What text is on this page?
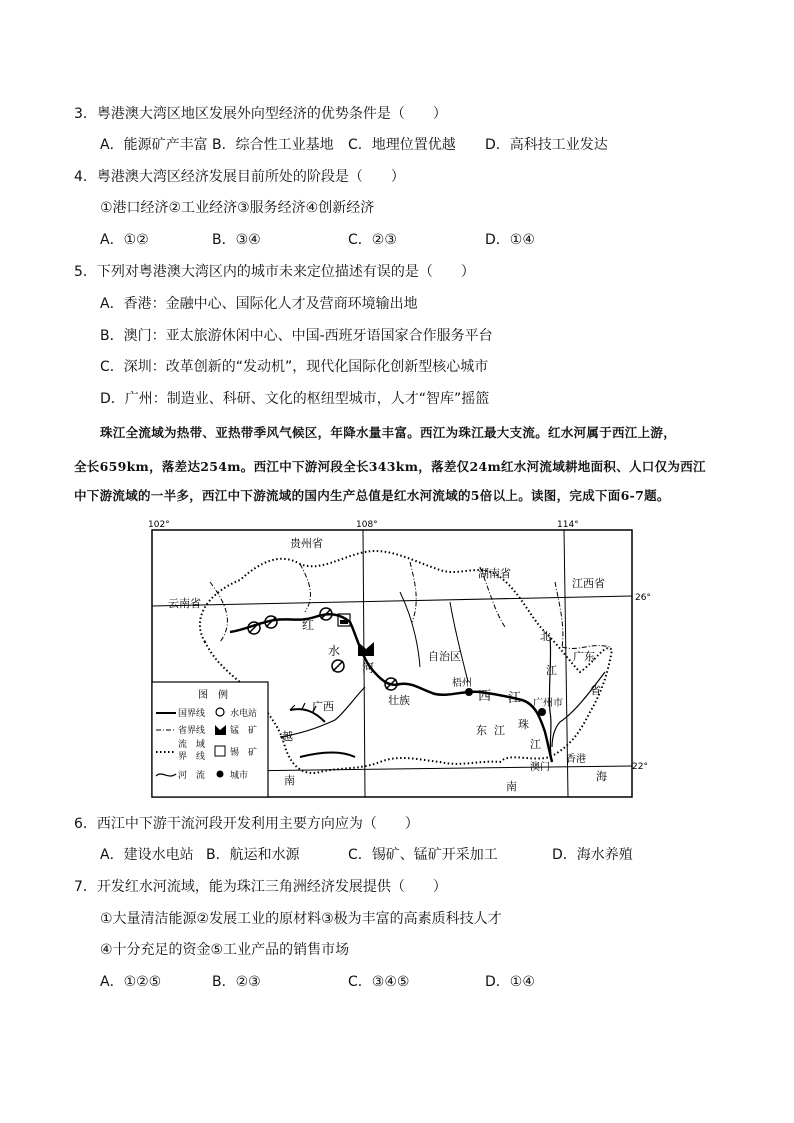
3．粤港澳大湾区地区发展外向型经济的优势条件是（　　）
A．能源矿产丰富 B．综合性工业基地 C．地理位置优越 D．高科技工业发达
4．粤港澳大湾区经济发展目前所处的阶段是（　　）
①港口经济②工业经济③服务经济④创新经济
A．①②	B．③④	C．②③	D．①④
5．下列对粤港澳大湾区内的城市未来定位描述有误的是（　　）
A．香港：金融中心、国际化人才及营商环境输出地
B．澳门：亚太旅游休闲中心、中国-西班牙语国家合作服务平台
C．深圳：改革创新的“发动机”，现代化国际化创新型核心城市
D．广州：制造业、科研、文化的枢纽型城市，人才“智库”摇篮
珠江全流域为热带、亚热带季风气候区，年降水量丰富。西江为珠江最大支流。红水河属于西江上游，
全长659km，落差达254m。西江中下游河段全长343km，落差仅24m红水河流域耕地面积、人口仅为西江
中下游流域的一半多，西江中下游流域的国内生产总值是红水河流域的5倍以上。读图，完成下面6-7题。
102°	108°	114°
26°
22°
贵州省
湖南省
江西省
云南省
广西	壮族
自治区	广东
省
红
水
河
西 江
北
江
东 江 珠
江
梧州
广州市
澳门
香港
南
海
越
南
图　例
国界线	水电站
省界线	锰　矿
流　域
界　线	锡　矿
河　流	城市
6．西江中下游干流河段开发利用主要方向应为（　　）
A．建设水电站 B．航运和水源	C．锡矿、锰矿开采加工	D．海水养殖
7．开发红水河流域，能为珠江三角洲经济发展提供（　　）
①大量清洁能源②发展工业的原材料③极为丰富的高素质科技人才
④十分充足的资金⑤工业产品的销售市场
A．①②⑤	B．②③	C．③④⑤	D．①④
